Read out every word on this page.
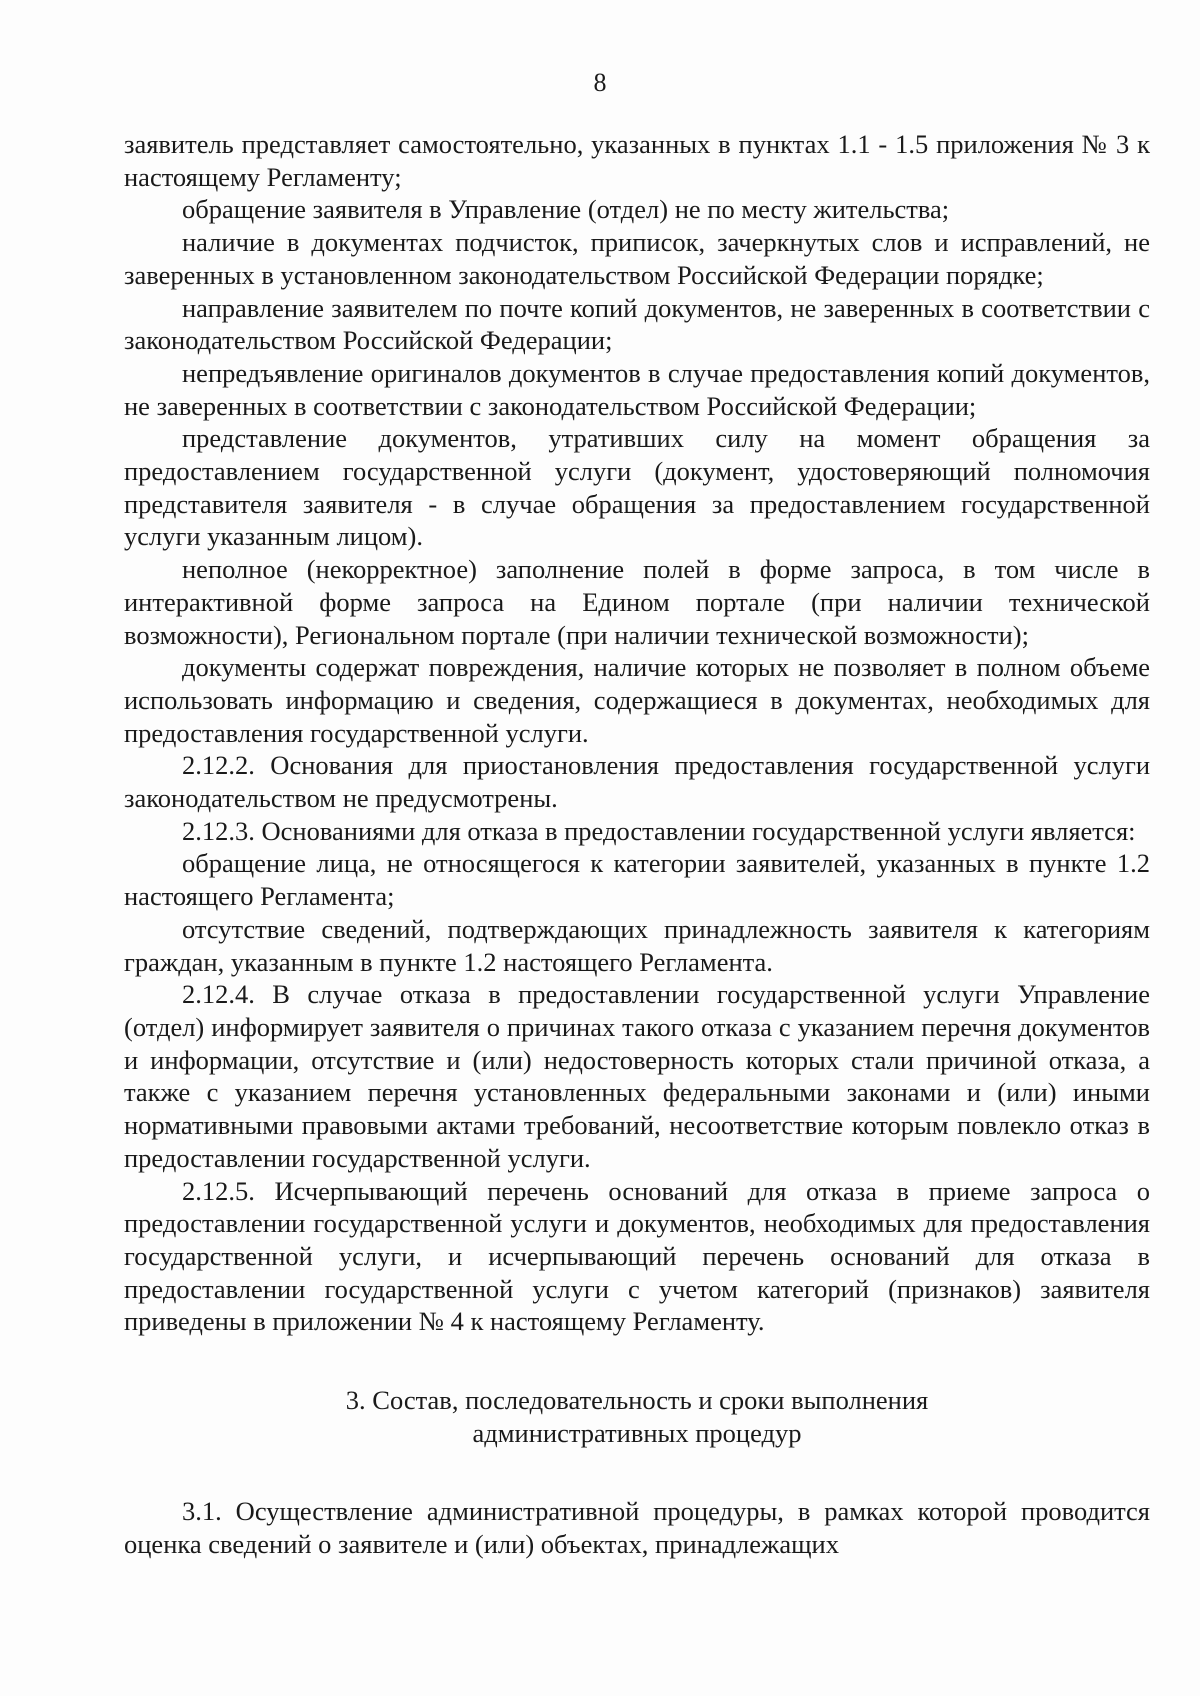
8

заявитель представляет самостоятельно, указанных в пунктах 1.1 - 1.5 приложения № 3 к настоящему Регламенту;

обращение заявителя в Управление (отдел) не по месту жительства;

наличие в документах подчисток, приписок, зачеркнутых слов и исправлений, не заверенных в установленном законодательством Российской Федерации порядке;

направление заявителем по почте копий документов, не заверенных в соответствии с законодательством Российской Федерации;

непредъявление оригиналов документов в случае предоставления копий документов, не заверенных в соответствии с законодательством Российской Федерации;

представление документов, утративших силу на момент обращения за предоставлением государственной услуги (документ, удостоверяющий полномочия представителя заявителя - в случае обращения за предоставлением государственной услуги указанным лицом).

неполное (некорректное) заполнение полей в форме запроса, в том числе в интерактивной форме запроса на Едином портале (при наличии технической возможности), Региональном портале (при наличии технической возможности);

документы содержат повреждения, наличие которых не позволяет в полном объеме использовать информацию и сведения, содержащиеся в документах, необходимых для предоставления государственной услуги.

2.12.2. Основания для приостановления предоставления государственной услуги законодательством не предусмотрены.

2.12.3. Основаниями для отказа в предоставлении государственной услуги является:

обращение лица, не относящегося к категории заявителей, указанных в пункте 1.2 настоящего Регламента;

отсутствие сведений, подтверждающих принадлежность заявителя к категориям граждан, указанным в пункте 1.2 настоящего Регламента.

2.12.4. В случае отказа в предоставлении государственной услуги Управление (отдел) информирует заявителя о причинах такого отказа с указанием перечня документов и информации, отсутствие и (или) недостоверность которых стали причиной отказа, а также с указанием перечня установленных федеральными законами и (или) иными нормативными правовыми актами требований, несоответствие которым повлекло отказ в предоставлении государственной услуги.

2.12.5. Исчерпывающий перечень оснований для отказа в приеме запроса о предоставлении государственной услуги и документов, необходимых для предоставления государственной услуги, и исчерпывающий перечень оснований для отказа в предоставлении государственной услуги с учетом категорий (признаков) заявителя приведены в приложении № 4 к настоящему Регламенту.

3. Состав, последовательность и сроки выполнения
административных процедур

3.1. Осуществление административной процедуры, в рамках которой проводится оценка сведений о заявителе и (или) объектах, принадлежащих
